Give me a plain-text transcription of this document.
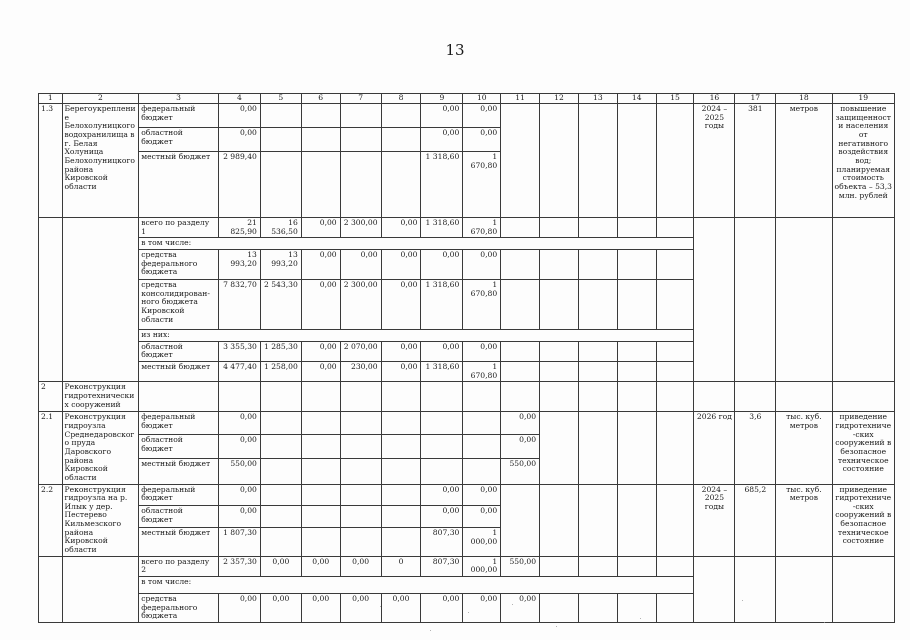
13
1	2	3	4	5	6	7	8	9	10	11	12	13	14	15	16	17	18	19
1.3	Берегоукрепление Белохолуницкого водохранилища в г. Белая Холуница Белохолуницкого района Кировской области	федеральный бюджет	0,00					0,00	0,00						2024 – 2025 годы	381	метров	повышение защищенности населения от негативного воздействия вод; планируемая стоимость объекта – 53,3 млн. рублей
		областной бюджет	0,00					0,00	0,00									
		местный бюджет	2 989,40					1 318,60	1 670,80									
		всего по разделу 1	21 825,90	16 536,50	0,00	2 300,00	0,00	1 318,60	1 670,80									
		в том числе:																
		средства федерального бюджета	13 993,20	13 993,20	0,00	0,00	0,00	0,00	0,00									
		средства консолидирован-ного бюджета Кировской области	7 832,70	2 543,30	0,00	2 300,00	0,00	1 318,60	1 670,80									
		из них:																
		областной бюджет	3 355,30	1 285,30	0,00	2 070,00	0,00	0,00	0,00									
		местный бюджет	4 477,40	1 258,00	0,00	230,00	0,00	1 318,60	1 670,80									
2	Реконструкция гидротехнических сооружений																	
2.1	Реконструкция гидроузла Среднедаровского пруда Даровского района Кировской области	федеральный бюджет	0,00							0,00					2026 год	3,6	тыс. куб. метров	приведение гидротехниче-ских сооружений в безопасное техническое состояние
		областной бюджет	0,00							0,00								
		местный бюджет	550,00							550,00								
2.2	Реконструкция гидроузла на р. Илык у дер. Пестерево Кильмезского района Кировской области	федеральный бюджет	0,00					0,00	0,00						2024 – 2025 годы	685,2	тыс. куб. метров	приведение гидротехниче-ских сооружений в безопасное техническое состояние
		областной бюджет	0,00					0,00	0,00									
		местный бюджет	1 807,30					807,30	1 000,00									
		всего по разделу 2	2 357,30	0,00	0,00	0,00	0	807,30	1 000,00	550,00								
		в том числе:																
		средства федерального бюджета	0,00	0,00	0,00	0,00	0,00	0,00	0,00	0,00								
